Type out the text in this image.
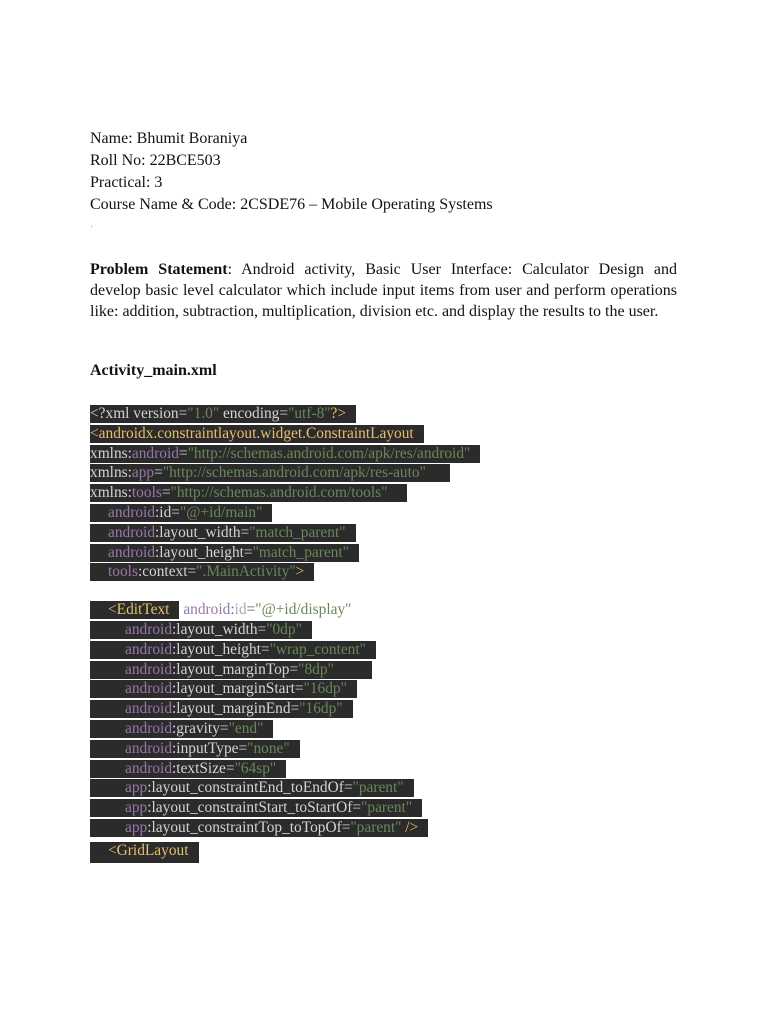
Name: Bhumit Boraniya
Roll No: 22BCE503
Practical: 3
Course Name & Code: 2CSDE76 – Mobile Operating Systems
'
Problem Statement: Android activity, Basic User Interface: Calculator Design and develop basic level calculator which include input items from user and perform operations like: addition, subtraction, multiplication, division etc. and display the results to the user.
Activity_main.xml
<?xml version="1.0" encoding="utf-8"?>
<androidx.constraintlayout.widget.ConstraintLayout
xmlns:android="http://schemas.android.com/apk/res/android"
xmlns:app="http://schemas.android.com/apk/res-auto"
xmlns:tools="http://schemas.android.com/tools"
android:id="@+id/main"
android:layout_width="match_parent"
android:layout_height="match_parent"
tools:context=".MainActivity">
<EditText android:id="@+id/display"
android:layout_width="0dp"
android:layout_height="wrap_content"
android:layout_marginTop="8dp"
android:layout_marginStart="16dp"
android:layout_marginEnd="16dp"
android:gravity="end"
android:inputType="none"
android:textSize="64sp"
app:layout_constraintEnd_toEndOf="parent"
app:layout_constraintStart_toStartOf="parent"
app:layout_constraintTop_toTopOf="parent" />
<GridLayout
